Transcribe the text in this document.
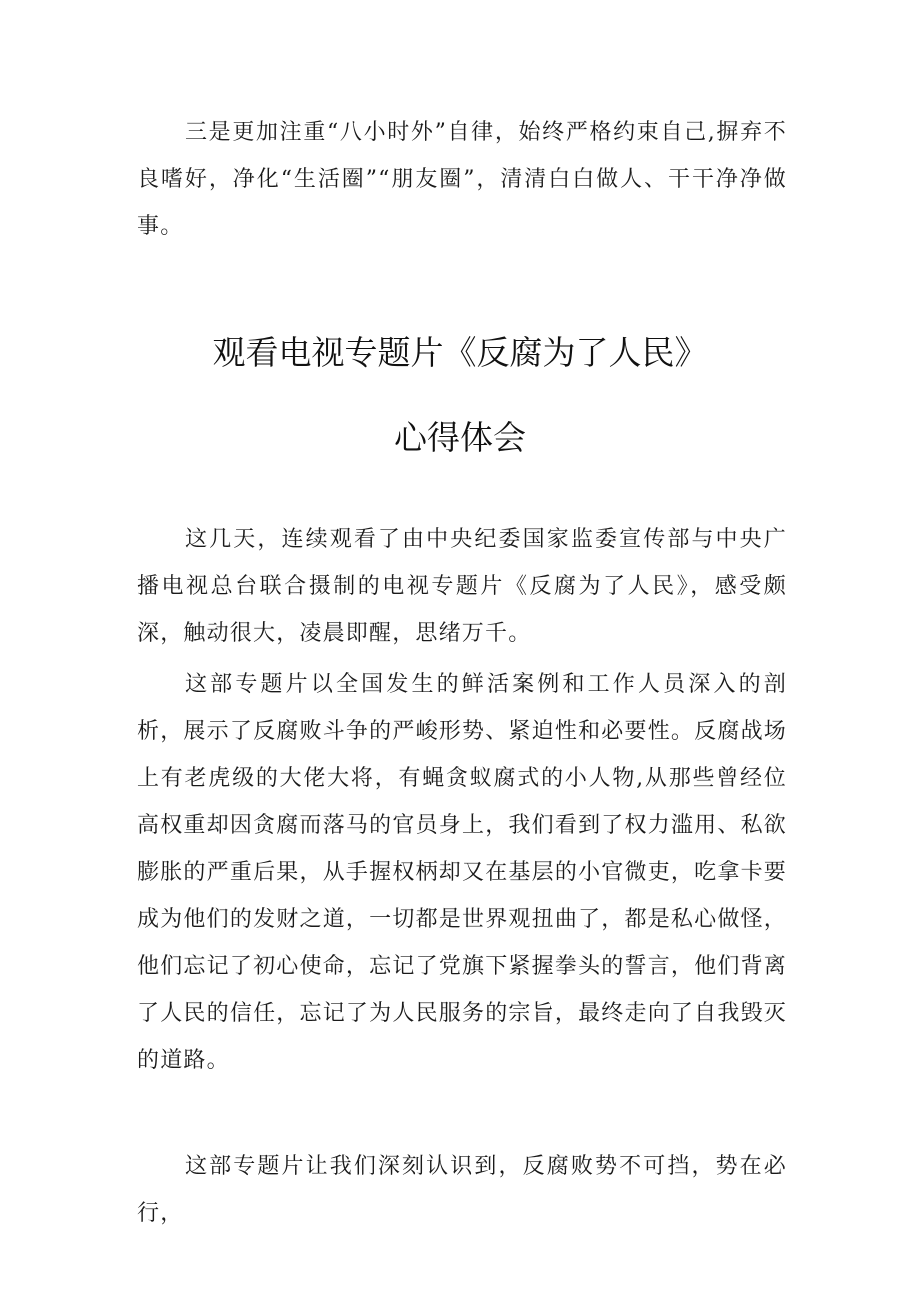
三是更加注重“八小时外”自律，始终严格约束自己,摒弃不良嗜好，净化“生活圈”“朋友圈”，清清白白做人、干干净净做事。

观看电视专题片《反腐为了人民》
心得体会

这几天，连续观看了由中央纪委国家监委宣传部与中央广播电视总台联合摄制的电视专题片《反腐为了人民》，感受颇深，触动很大，凌晨即醒，思绪万千。

这部专题片以全国发生的鲜活案例和工作人员深入的剖析，展示了反腐败斗争的严峻形势、紧迫性和必要性。反腐战场上有老虎级的大佬大将，有蝇贪蚁腐式的小人物,从那些曾经位高权重却因贪腐而落马的官员身上，我们看到了权力滥用、私欲膨胀的严重后果，从手握权柄却又在基层的小官微吏，吃拿卡要成为他们的发财之道，一切都是世界观扭曲了，都是私心做怪，他们忘记了初心使命，忘记了党旗下紧握拳头的誓言，他们背离了人民的信任，忘记了为人民服务的宗旨，最终走向了自我毁灭的道路。

这部专题片让我们深刻认识到，反腐败势不可挡，势在必行，
